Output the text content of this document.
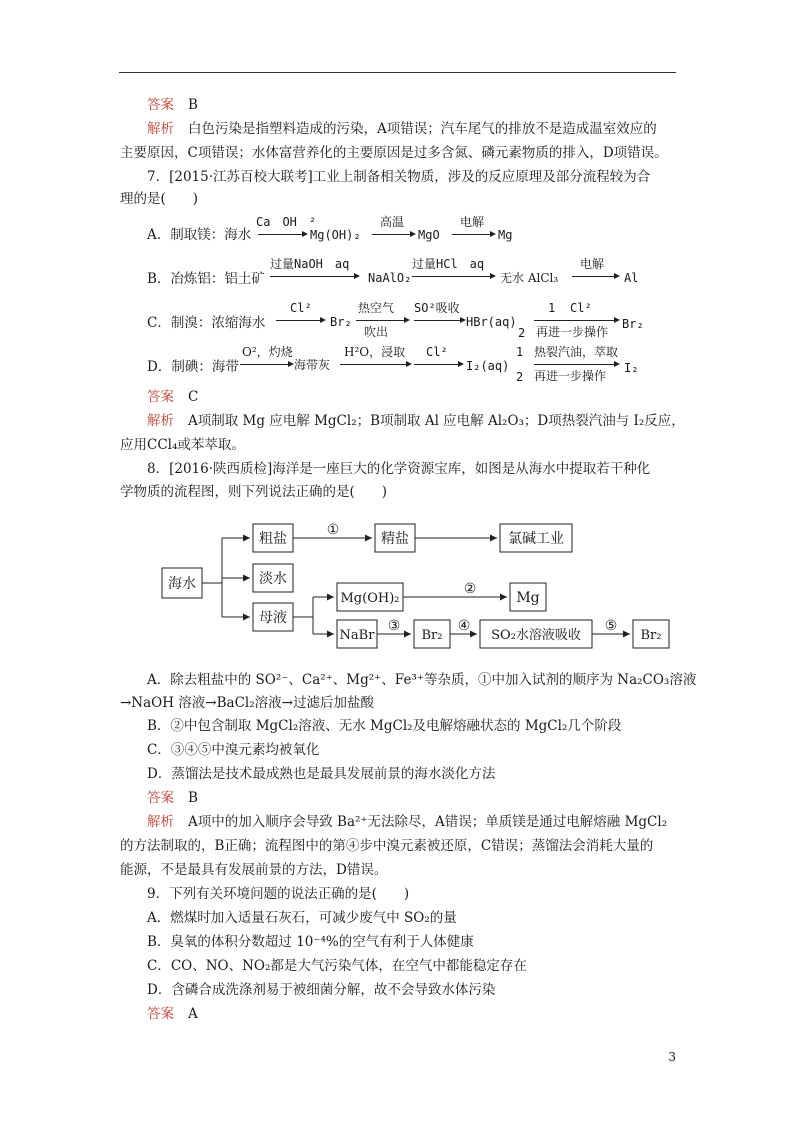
答案 B
解析 白色污染是指塑料造成的污染，A项错误；汽车尾气的排放不是造成温室效应的
主要原因，C项错误；水体富营养化的主要原因是过多含氮、磷元素物质的排入，D项错误。
7．[2015·江苏百校大联考]工业上制备相关物质，涉及的反应原理及部分流程较为合
理的是(　　)
A．制取镁：海水
Ca　OH　²
Mg(OH)₂
高温
MgO
电解
Mg
B．冶炼铝：铝土矿
过量NaOH　aq
NaAlO₂
过量HCl　aq
无水 AlCl₃
电解
Al
C．制溴：浓缩海水
Cl²
Br₂
热空气
吹出
SO²吸收
HBr(aq)
1 Cl²
2 再进一步操作
Br₂
D．制碘：海带
O²，灼烧
海带灰
H²O，浸取 Cl²
I₂(aq)
1 热裂汽油，萃取
2 再进一步操作
I₂
答案 C
解析 A项制取 Mg 应电解 MgCl₂；B项制取 Al 应电解 Al₂O₃；D项热裂汽油与 I₂反应，
应用CCl₄或苯萃取。
8．[2016·陕西质检]海洋是一座巨大的化学资源宝库，如图是从海水中提取若干种化
学物质的流程图，则下列说法正确的是(　　)
海水
粗盐
①
精盐	氯碱工业
淡水
母液
Mg(OH)₂
②
Mg
NaBr
③
Br₂
④
SO₂水溶液吸收
⑤
Br₂
A．除去粗盐中的 SO²⁻、Ca²⁺、Mg²⁺、Fe³⁺等杂质，①中加入试剂的顺序为 Na₂CO₃溶液
→NaOH 溶液→BaCl₂溶液→过滤后加盐酸
B．②中包含制取 MgCl₂溶液、无水 MgCl₂及电解熔融状态的 MgCl₂几个阶段
C．③④⑤中溴元素均被氧化
D．蒸馏法是技术最成熟也是最具发展前景的海水淡化方法
答案 B
解析 A项中的加入顺序会导致 Ba²⁺无法除尽，A错误；单质镁是通过电解熔融 MgCl₂
的方法制取的，B正确；流程图中的第④步中溴元素被还原，C错误；蒸馏法会消耗大量的
能源，不是最具有发展前景的方法，D错误。
9．下列有关环境问题的说法正确的是(　　)
A．燃煤时加入适量石灰石，可减少废气中 SO₂的量
B．臭氧的体积分数超过 10⁻⁴%的空气有利于人体健康
C．CO、NO、NO₂都是大气污染气体，在空气中都能稳定存在
D．含磷合成洗涤剂易于被细菌分解，故不会导致水体污染
答案 A
3
